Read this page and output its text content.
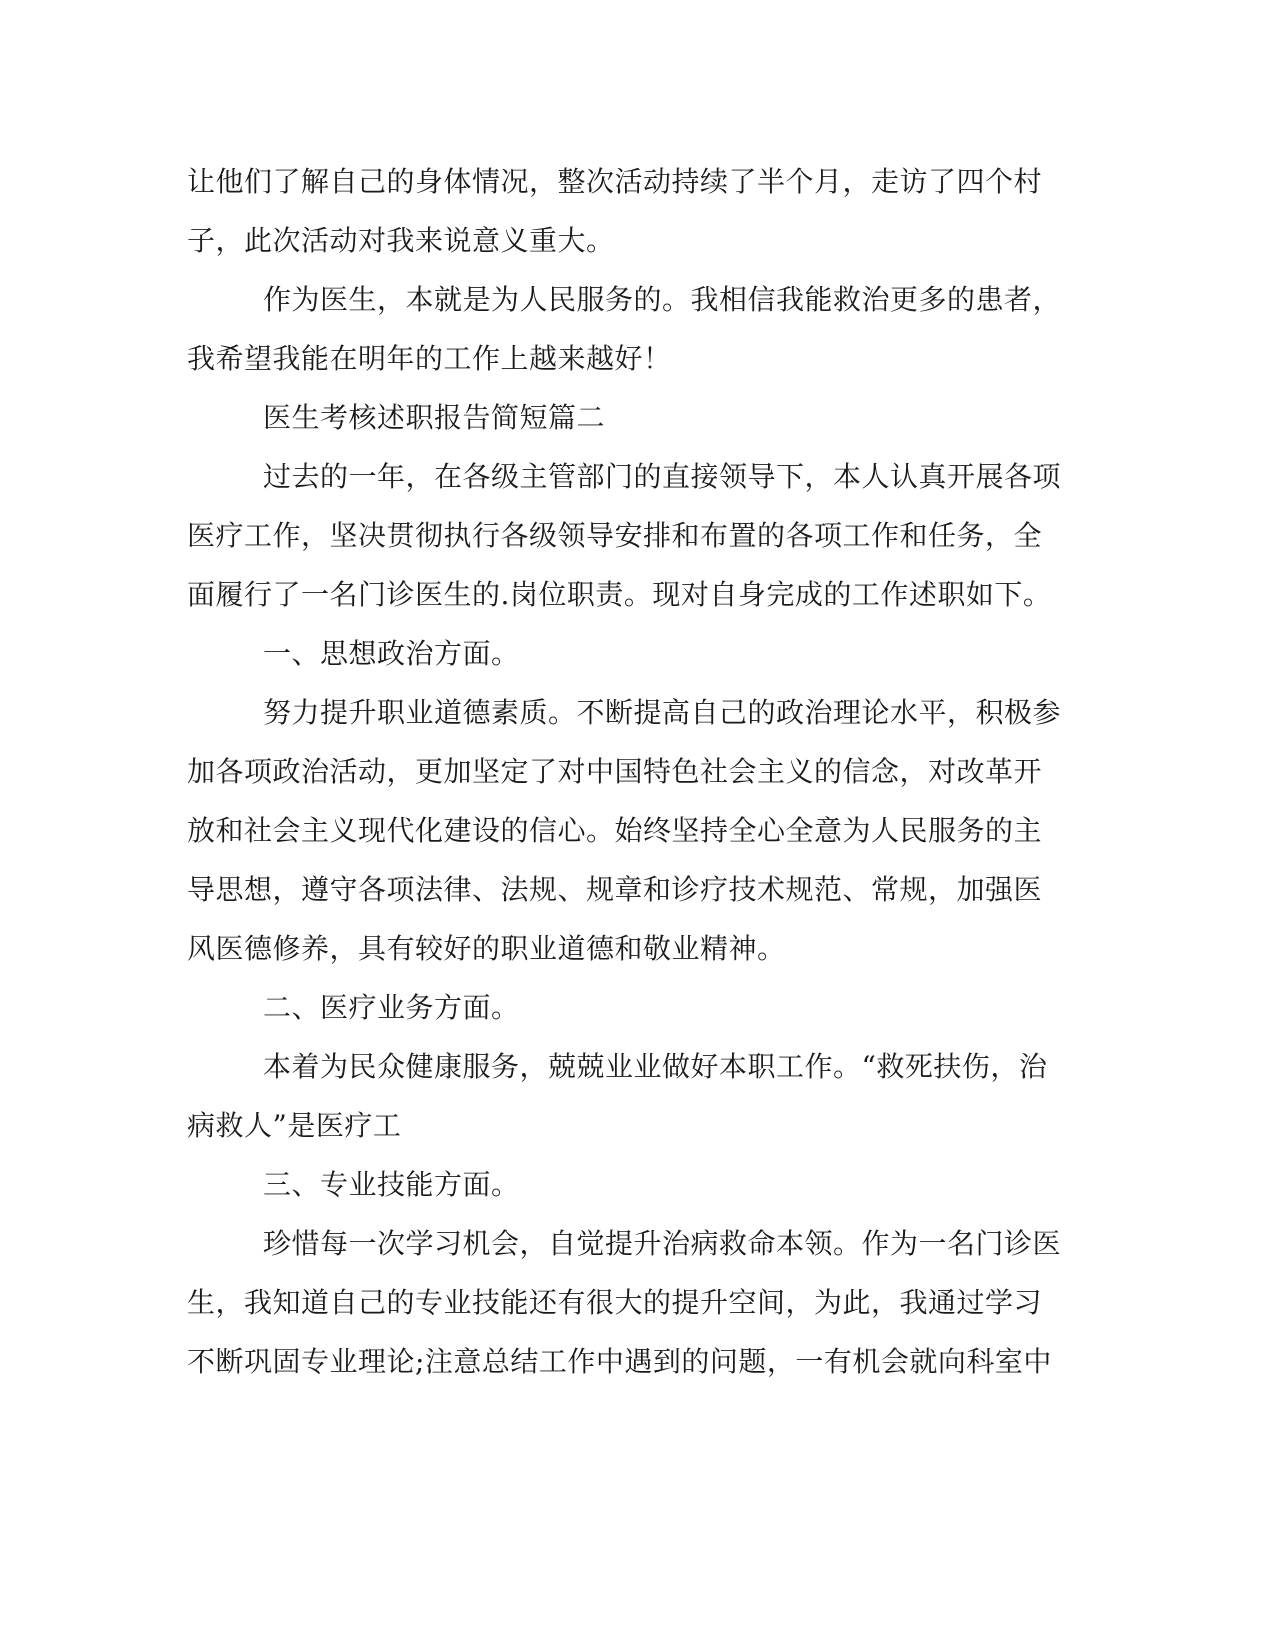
让他们了解自己的身体情况，整次活动持续了半个月，走访了四个村
子，此次活动对我来说意义重大。
作为医生，本就是为人民服务的。我相信我能救治更多的患者，
我希望我能在明年的工作上越来越好！
医生考核述职报告简短篇二
过去的一年，在各级主管部门的直接领导下，本人认真开展各项
医疗工作，坚决贯彻执行各级领导安排和布置的各项工作和任务，全
面履行了一名门诊医生的.岗位职责。现对自身完成的工作述职如下。
一、思想政治方面。
努力提升职业道德素质。不断提高自己的政治理论水平，积极参
加各项政治活动，更加坚定了对中国特色社会主义的信念，对改革开
放和社会主义现代化建设的信心。始终坚持全心全意为人民服务的主
导思想，遵守各项法律、法规、规章和诊疗技术规范、常规，加强医
风医德修养，具有较好的职业道德和敬业精神。
二、医疗业务方面。
本着为民众健康服务，兢兢业业做好本职工作。“救死扶伤，治
病救人”是医疗工
三、专业技能方面。
珍惜每一次学习机会，自觉提升治病救命本领。作为一名门诊医
生，我知道自己的专业技能还有很大的提升空间，为此，我通过学习
不断巩固专业理论;注意总结工作中遇到的问题，一有机会就向科室中
